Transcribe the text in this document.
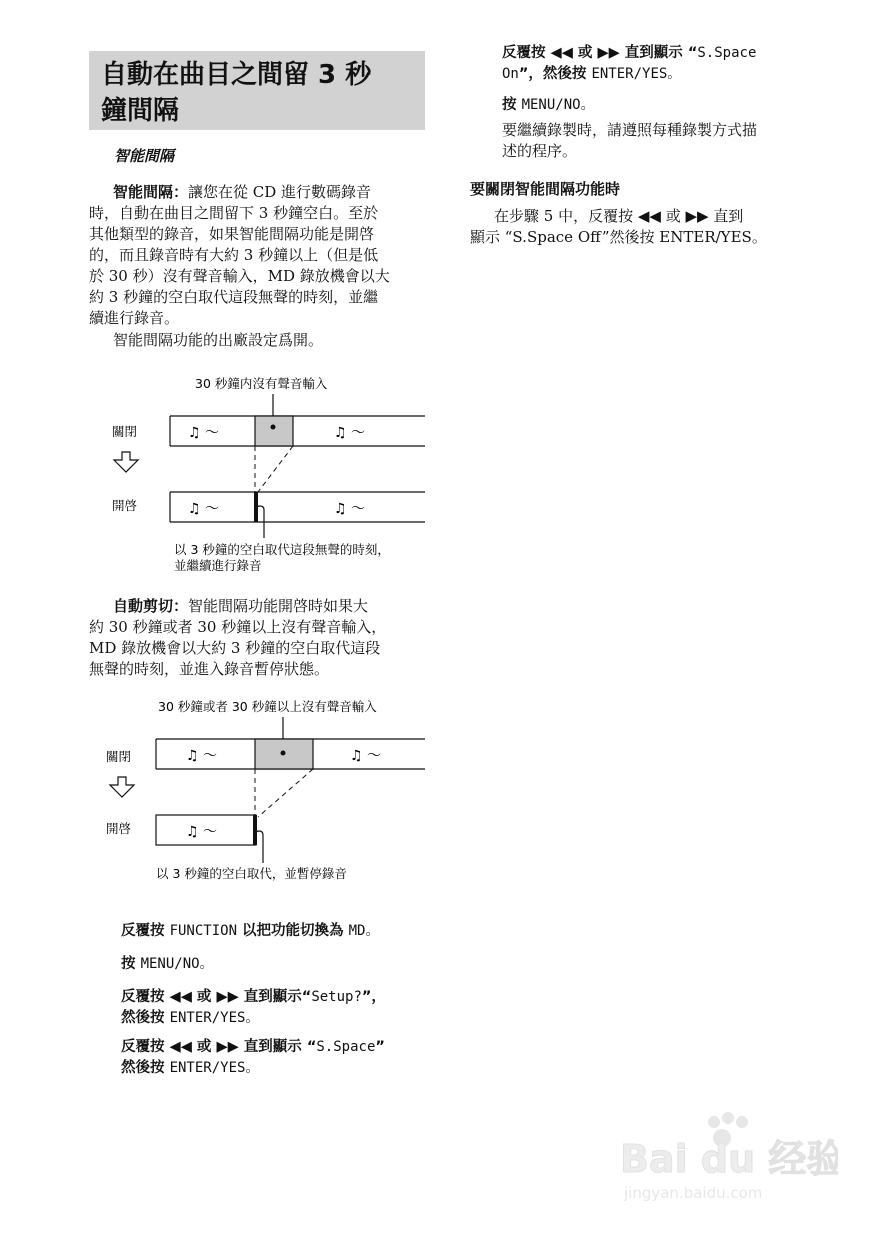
自動在曲目之間留 3 秒
鐘間隔
智能間隔
智能間隔：讓您在從 CD 進行數碼錄音
時，自動在曲目之間留下 3 秒鐘空白。至於
其他類型的錄音，如果智能間隔功能是開啓
的，而且錄音時有大約 3 秒鐘以上（但是低
於 30 秒）沒有聲音輸入，MD 錄放機會以大
約 3 秒鐘的空白取代這段無聲的時刻，並繼
續進行錄音。
智能間隔功能的出廠設定爲開。
30 秒鐘内沒有聲音輸入
關閉	♫ ～	♫ ～
開啓	♫ ～	♫ ～
以 3 秒鐘的空白取代這段無聲的時刻，
並繼續進行錄音
自動剪切：智能間隔功能開啓時如果大
約 30 秒鐘或者 30 秒鐘以上沒有聲音輸入，
MD 錄放機會以大約 3 秒鐘的空白取代這段
無聲的時刻，並進入錄音暫停狀態。
30 秒鐘或者 30 秒鐘以上沒有聲音輸入
關閉	♫ ～	♫ ～
開啓	♫ ～
以 3 秒鐘的空白取代，並暫停錄音
反覆按 FUNCTION 以把功能切換為 MD。
按 MENU/NO。
反覆按 ◀◀ 或 ▶▶ 直到顯示“Setup?”，
然後按 ENTER/YES。
反覆按 ◀◀ 或 ▶▶ 直到顯示 “S.Space”
然後按 ENTER/YES。
反覆按 ◀◀ 或 ▶▶ 直到顯示 “S.Space
On”，然後按 ENTER/YES。
按 MENU/NO。
要繼續錄製時，請遵照每種錄製方式描
述的程序。
要關閉智能間隔功能時
在步驟 5 中，反覆按 ◀◀ 或 ▶▶ 直到
顯示 “S.Space Off”然後按 ENTER/YES。
Bai du 经验
jingyan.baidu.com
